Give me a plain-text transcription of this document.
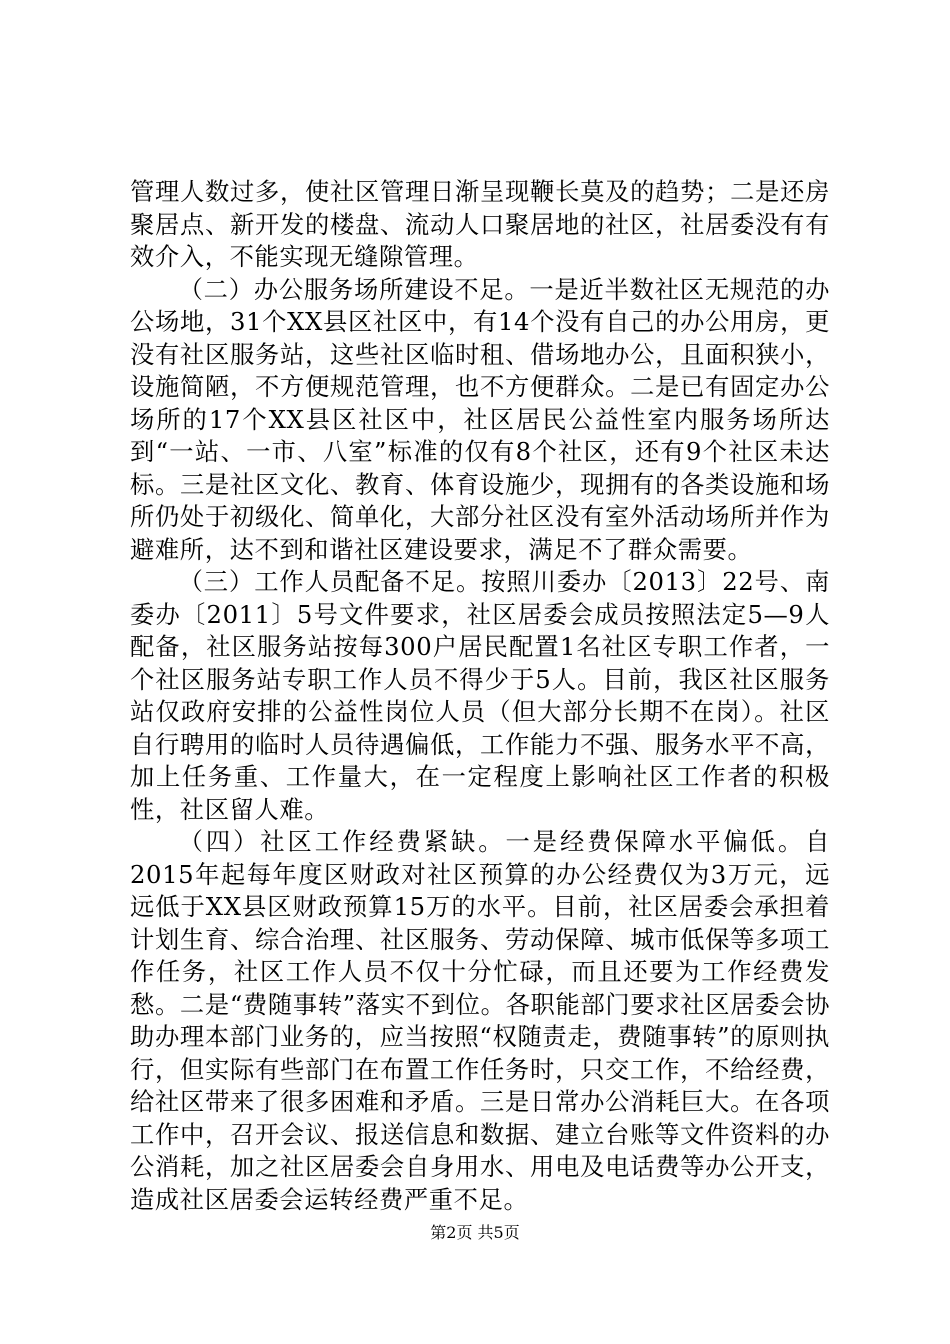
管理人数过多，使社区管理日渐呈现鞭长莫及的趋势；二是还房聚居点、新开发的楼盘、流动人口聚居地的社区，社居委没有有效介入，不能实现无缝隙管理。

（二）办公服务场所建设不足。一是近半数社区无规范的办公场地，31个XX县区社区中，有14个没有自己的办公用房，更没有社区服务站，这些社区临时租、借场地办公，且面积狭小，设施简陋，不方便规范管理，也不方便群众。二是已有固定办公场所的17个XX县区社区中，社区居民公益性室内服务场所达到“一站、一市、八室”标准的仅有8个社区，还有9个社区未达标。三是社区文化、教育、体育设施少，现拥有的各类设施和场所仍处于初级化、简单化，大部分社区没有室外活动场所并作为避难所，达不到和谐社区建设要求，满足不了群众需要。

（三）工作人员配备不足。按照川委办〔2013〕22号、南委办〔2011〕5号文件要求，社区居委会成员按照法定5—9人配备，社区服务站按每300户居民配置1名社区专职工作者，一个社区服务站专职工作人员不得少于5人。目前，我区社区服务站仅政府安排的公益性岗位人员（但大部分长期不在岗）。社区自行聘用的临时人员待遇偏低，工作能力不强、服务水平不高，加上任务重、工作量大，在一定程度上影响社区工作者的积极性，社区留人难。

（四）社区工作经费紧缺。一是经费保障水平偏低。自2015年起每年度区财政对社区预算的办公经费仅为3万元，远远低于XX县区财政预算15万的水平。目前，社区居委会承担着计划生育、综合治理、社区服务、劳动保障、城市低保等多项工作任务，社区工作人员不仅十分忙碌，而且还要为工作经费发愁。二是“费随事转”落实不到位。各职能部门要求社区居委会协助办理本部门业务的，应当按照“权随责走，费随事转”的原则执行，但实际有些部门在布置工作任务时，只交工作，不给经费，给社区带来了很多困难和矛盾。三是日常办公消耗巨大。在各项工作中，召开会议、报送信息和数据、建立台账等文件资料的办公消耗，加之社区居委会自身用水、用电及电话费等办公开支，造成社区居委会运转经费严重不足。

第2页 共5页
